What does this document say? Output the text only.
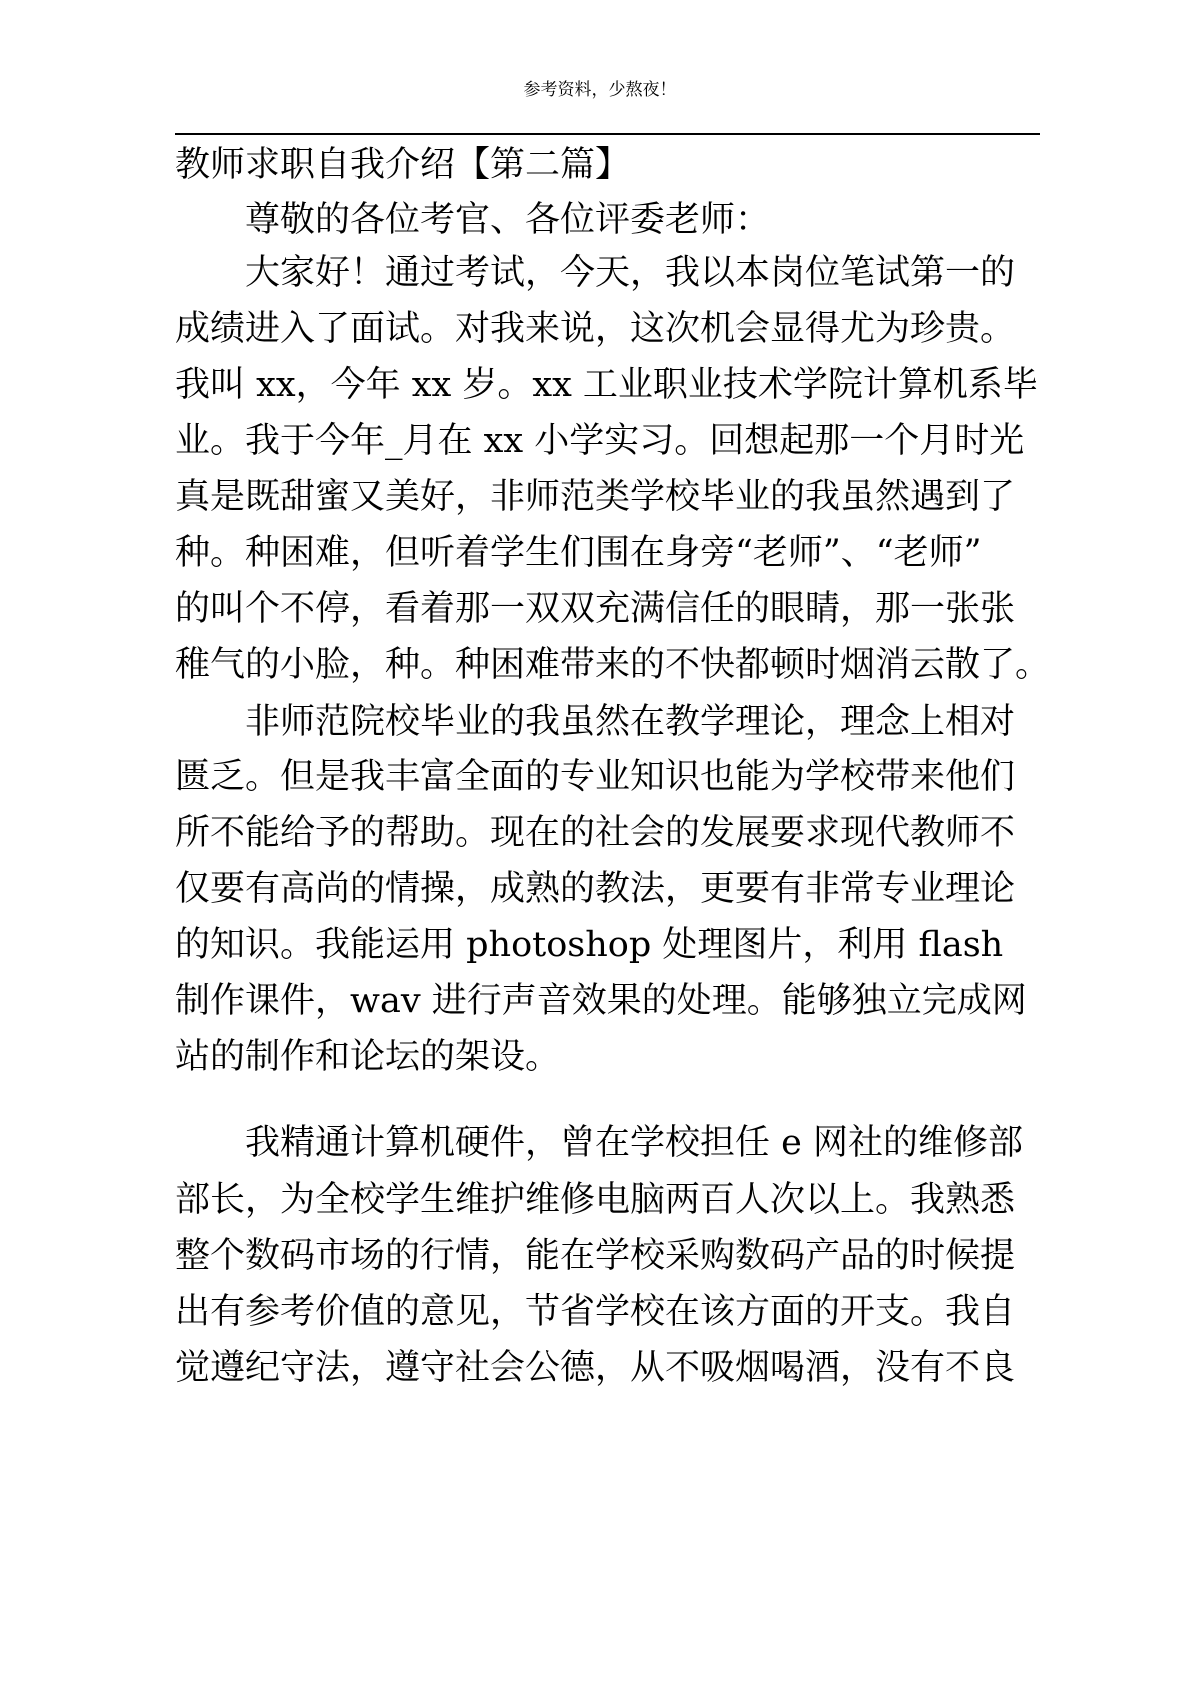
参考资料，少熬夜！
教师求职自我介绍【第二篇】
尊敬的各位考官、各位评委老师：
大家好！通过考试，今天，我以本岗位笔试第一的
成绩进入了面试。对我来说，这次机会显得尤为珍贵。
我叫 xx，今年 xx 岁。xx 工业职业技术学院计算机系毕
业。我于今年_月在 xx 小学实习。回想起那一个月时光
真是既甜蜜又美好，非师范类学校毕业的我虽然遇到了
种。种困难，但听着学生们围在身旁“老师”、“老师”
的叫个不停，看着那一双双充满信任的眼睛，那一张张
稚气的小脸，种。种困难带来的不快都顿时烟消云散了。
非师范院校毕业的我虽然在教学理论，理念上相对
匮乏。但是我丰富全面的专业知识也能为学校带来他们
所不能给予的帮助。现在的社会的发展要求现代教师不
仅要有高尚的情操，成熟的教法，更要有非常专业理论
的知识。我能运用 photoshop 处理图片，利用 flash
制作课件，wav 进行声音效果的处理。能够独立完成网
站的制作和论坛的架设。
我精通计算机硬件，曾在学校担任 e 网社的维修部
部长，为全校学生维护维修电脑两百人次以上。我熟悉
整个数码市场的行情，能在学校采购数码产品的时候提
出有参考价值的意见，节省学校在该方面的开支。我自
觉遵纪守法，遵守社会公德，从不吸烟喝酒，没有不良
